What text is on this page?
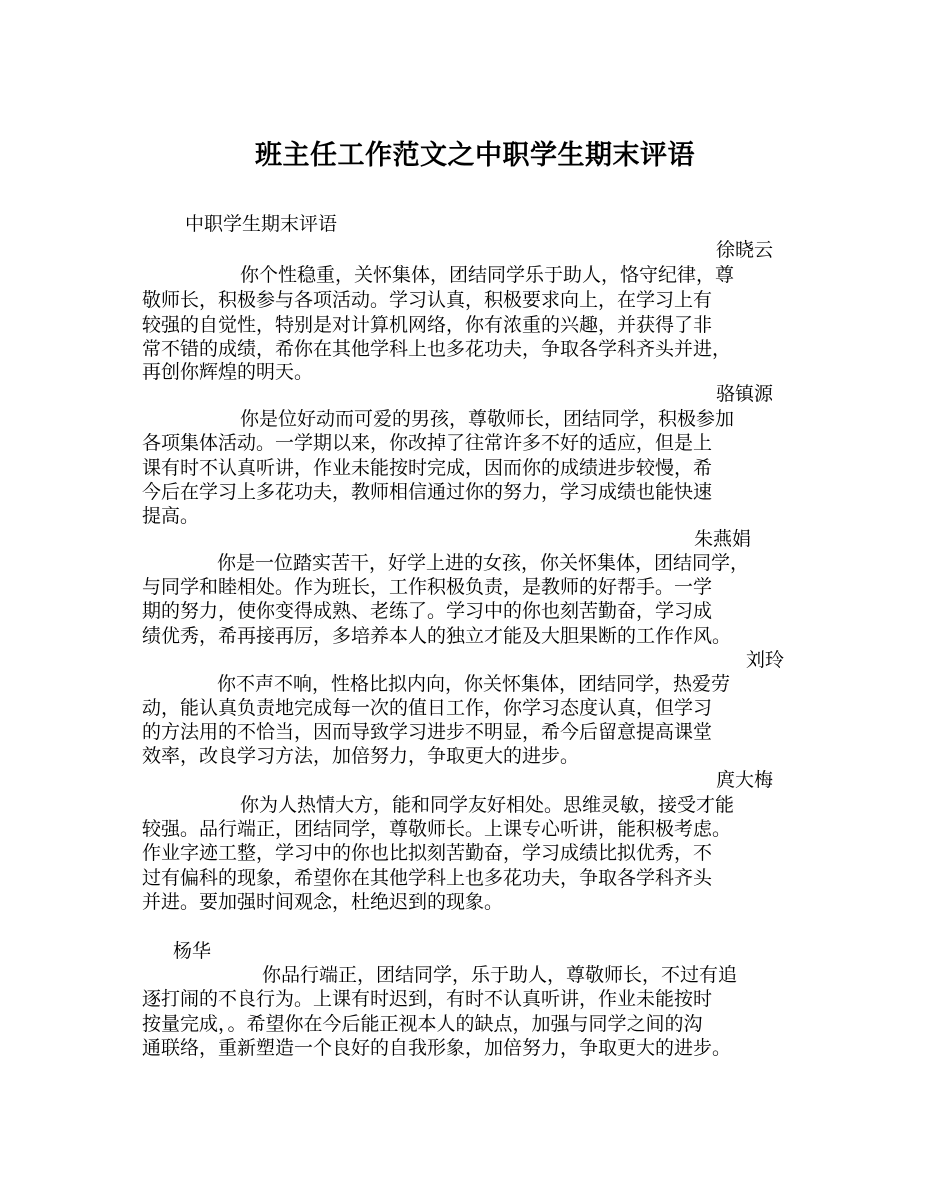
班主任工作范文之中职学生期末评语
中职学生期末评语
徐晓云
你个性稳重，关怀集体，团结同学乐于助人，恪守纪律，尊
敬师长，积极参与各项活动。学习认真，积极要求向上，在学习上有
较强的自觉性，特别是对计算机网络，你有浓重的兴趣，并获得了非
常不错的成绩，希你在其他学科上也多花功夫，争取各学科齐头并进，
再创你辉煌的明天。
骆镇源
你是位好动而可爱的男孩，尊敬师长，团结同学，积极参加
各项集体活动。一学期以来，你改掉了往常许多不好的适应，但是上
课有时不认真听讲，作业未能按时完成，因而你的成绩进步较慢，希
今后在学习上多花功夫，教师相信通过你的努力，学习成绩也能快速
提高。
朱燕娟
你是一位踏实苦干，好学上进的女孩，你关怀集体，团结同学，
与同学和睦相处。作为班长，工作积极负责，是教师的好帮手。一学
期的努力，使你变得成熟、老练了。学习中的你也刻苦勤奋，学习成
绩优秀，希再接再厉，多培养本人的独立才能及大胆果断的工作作风。
刘玲
你不声不响，性格比拟内向，你关怀集体，团结同学，热爱劳
动，能认真负责地完成每一次的值日工作，你学习态度认真，但学习
的方法用的不恰当，因而导致学习进步不明显，希今后留意提高课堂
效率，改良学习方法，加倍努力，争取更大的进步。
庹大梅
你为人热情大方，能和同学友好相处。思维灵敏，接受才能
较强。品行端正，团结同学，尊敬师长。上课专心听讲，能积极考虑。
作业字迹工整，学习中的你也比拟刻苦勤奋，学习成绩比拟优秀，不
过有偏科的现象，希望你在其他学科上也多花功夫，争取各学科齐头
并进。要加强时间观念，杜绝迟到的现象。
杨华
你品行端正，团结同学，乐于助人，尊敬师长，不过有追
逐打闹的不良行为。上课有时迟到，有时不认真听讲，作业未能按时
按量完成，。希望你在今后能正视本人的缺点，加强与同学之间的沟
通联络，重新塑造一个良好的自我形象，加倍努力，争取更大的进步。
